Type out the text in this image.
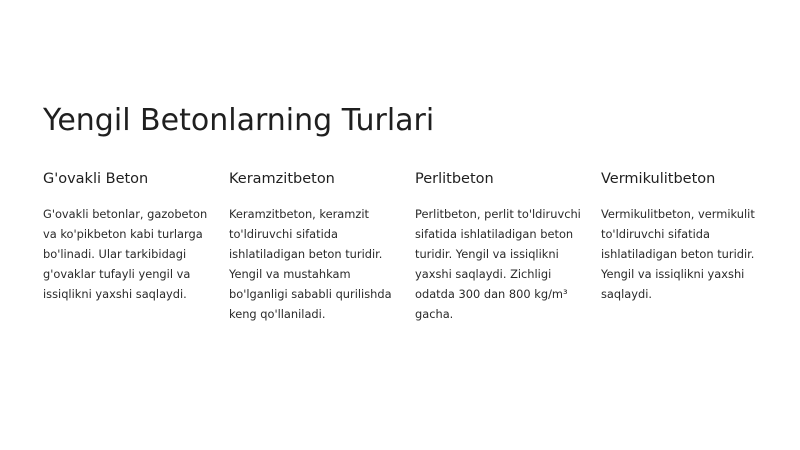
Yengil Betonlarning Turlari
G'ovakli Beton

G'ovakli betonlar, gazobeton va ko'pikbeton kabi turlarga bo'linadi. Ular tarkibidagi g'ovaklar tufayli yengil va issiqlikni yaxshi saqlaydi.

Keramzitbeton

Keramzitbeton, keramzit to'ldiruvchi sifatida ishlatiladigan beton turidir. Yengil va mustahkam bo'lganligi sababli qurilishda keng qo'llaniladi.

Perlitbeton

Perlitbeton, perlit to'ldiruvchi sifatida ishlatiladigan beton turidir. Yengil va issiqlikni yaxshi saqlaydi. Zichligi odatda 300 dan 800 kg/m³ gacha.

Vermikulitbeton

Vermikulitbeton, vermikulit to'ldiruvchi sifatida ishlatiladigan beton turidir. Yengil va issiqlikni yaxshi saqlaydi.
